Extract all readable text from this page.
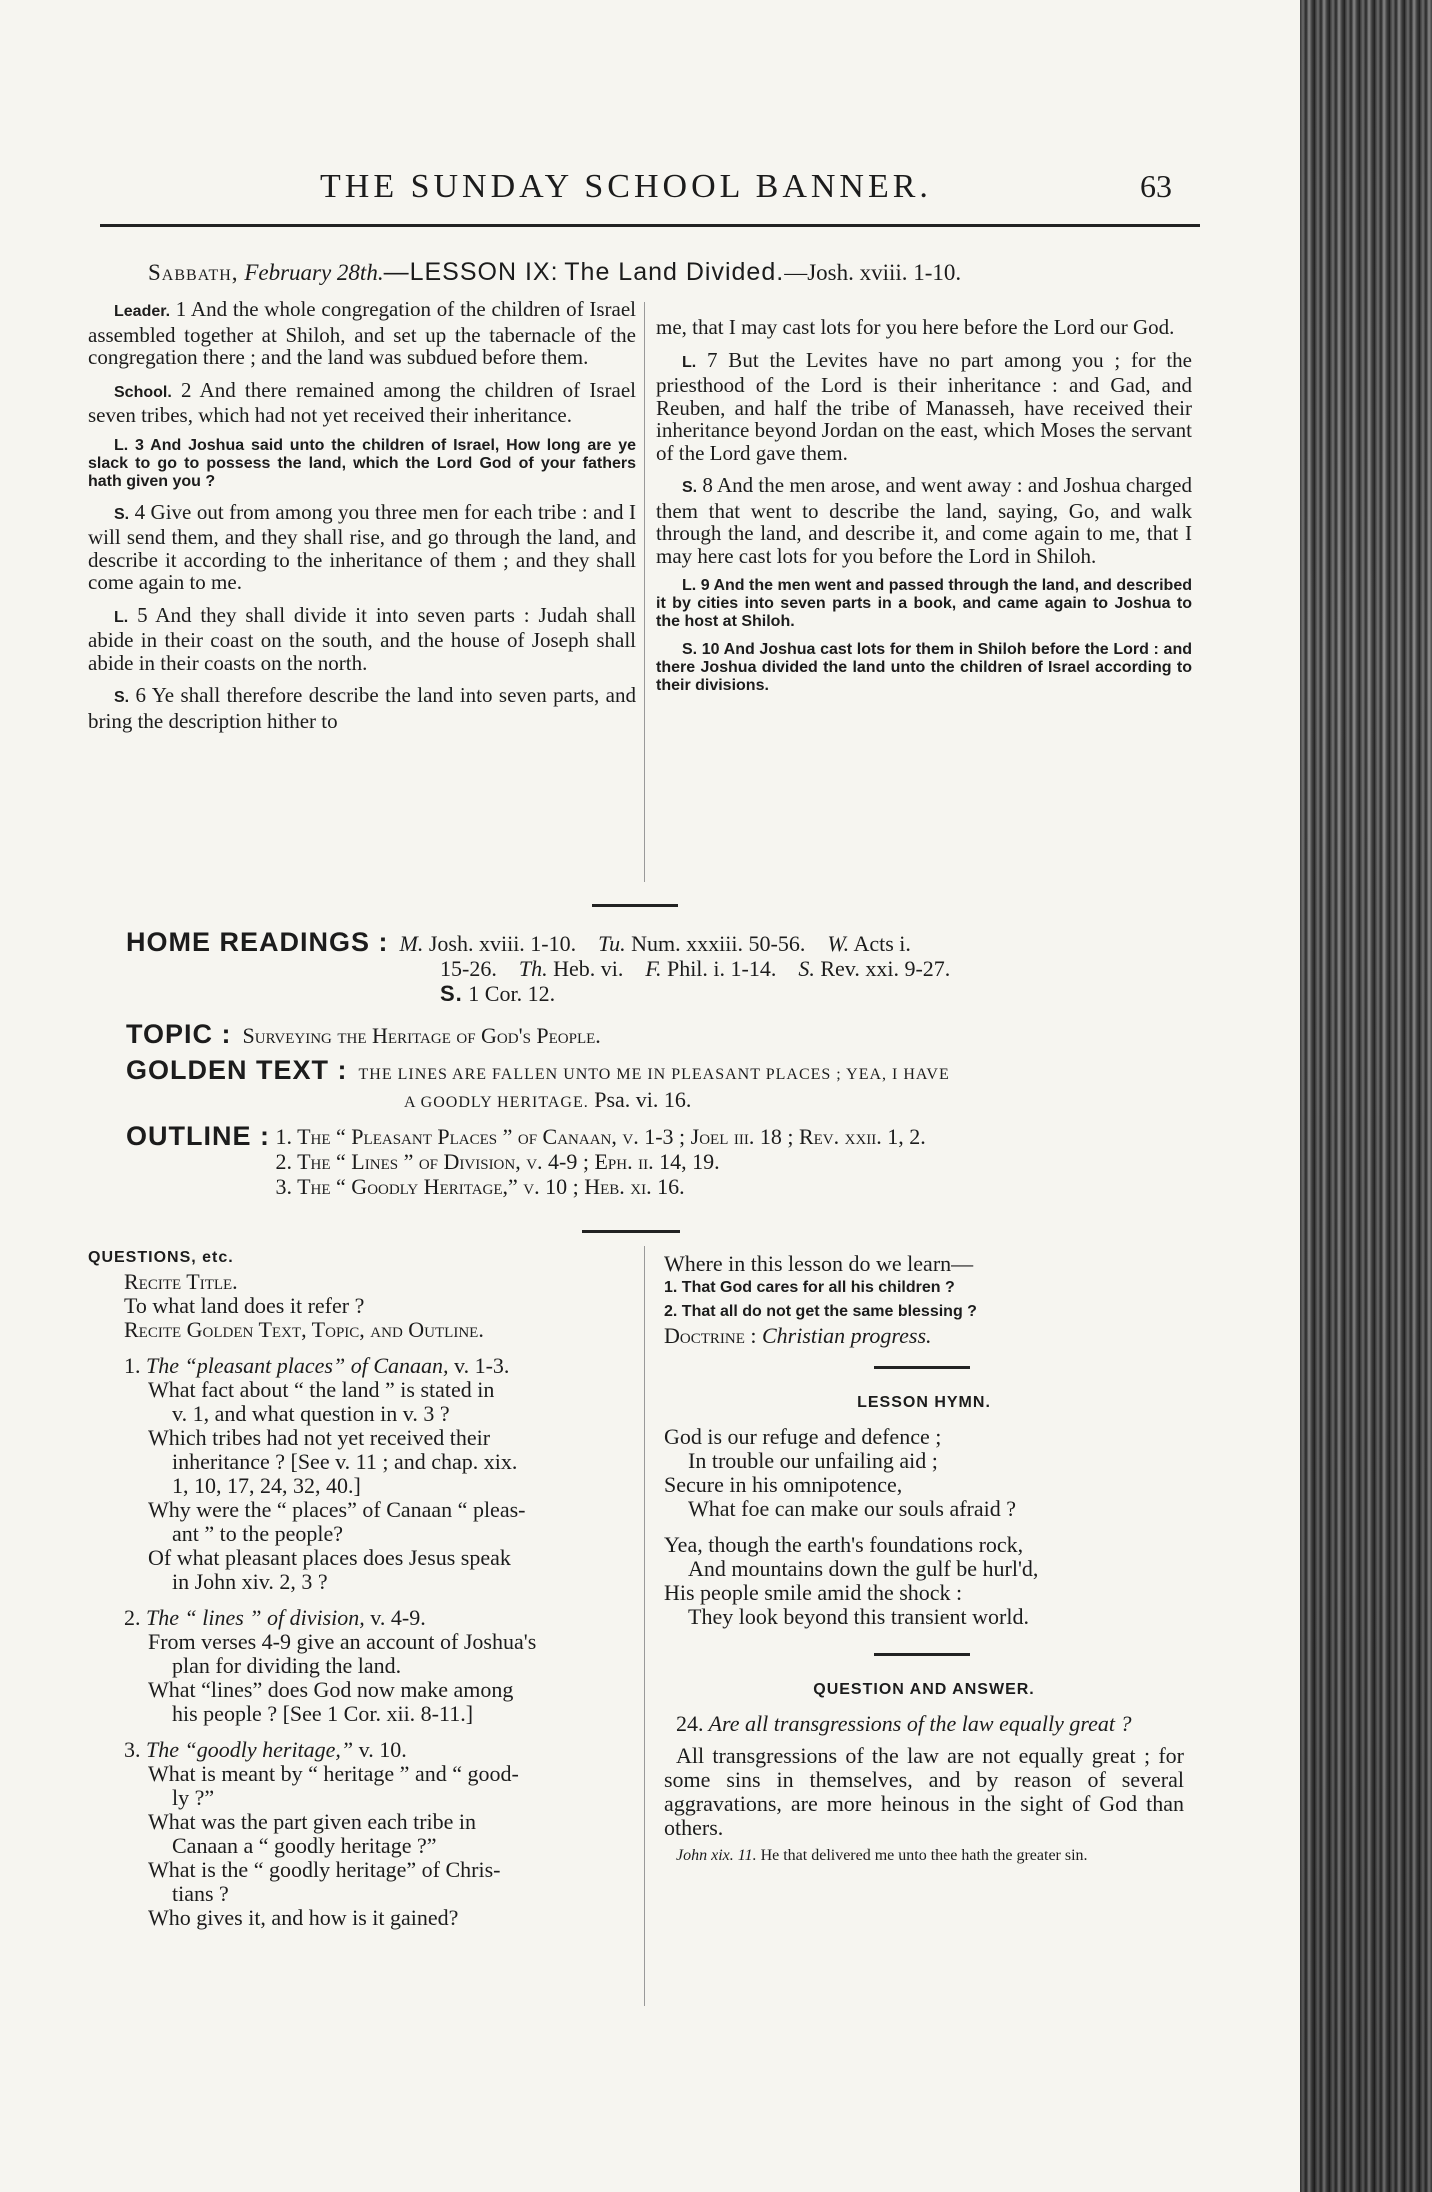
THE SUNDAY SCHOOL BANNER.	63
Sabbath, February 28th.—LESSON IX: The Land Divided.—Josh. xviii. 1-10.

Leader. 1 And the whole congregation of the children of Israel assembled together at Shiloh, and set up the tabernacle of the congregation there ; and the land was subdued before them.

School. 2 And there remained among the children of Israel seven tribes, which had not yet received their inheritance.

L. 3 And Joshua said unto the children of Israel, How long are ye slack to go to possess the land, which the Lord God of your fathers hath given you ?

S. 4 Give out from among you three men for each tribe : and I will send them, and they shall rise, and go through the land, and describe it according to the inheritance of them ; and they shall come again to me.

L. 5 And they shall divide it into seven parts : Judah shall abide in their coast on the south, and the house of Joseph shall abide in their coasts on the north.

S. 6 Ye shall therefore describe the land into seven parts, and bring the description hither to

me, that I may cast lots for you here before the Lord our God.

L. 7 But the Levites have no part among you ; for the priesthood of the Lord is their inheritance : and Gad, and Reuben, and half the tribe of Manasseh, have received their inheritance beyond Jordan on the east, which Moses the servant of the Lord gave them.

S. 8 And the men arose, and went away : and Joshua charged them that went to describe the land, saying, Go, and walk through the land, and describe it, and come again to me, that I may here cast lots for you before the Lord in Shiloh.

L. 9 And the men went and passed through the land, and described it by cities into seven parts in a book, and came again to Joshua to the host at Shiloh.

S. 10 And Joshua cast lots for them in Shiloh before the Lord : and there Joshua divided the land unto the children of Israel according to their divisions.

HOME READINGS : M. Josh. xviii. 1-10. Tu. Num. xxxiii. 50-56. W. Acts i.
15-26. Th. Heb. vi. F. Phil. i. 1-14. S. Rev. xxi. 9-27.
S. 1 Cor. 12.
TOPIC : Surveying the Heritage of God's People.
GOLDEN TEXT : THE LINES ARE FALLEN UNTO ME IN PLEASANT PLACES ; YEA, I HAVE
A GOODLY HERITAGE. Psa. vi. 16.
OUTLINE :
1. The “ Pleasant Places ” of Canaan, v. 1-3 ; Joel iii. 18 ; Rev. xxii. 1, 2.
2. The “ Lines ” of Division, v. 4-9 ; Eph. ii. 14, 19.
3. The “ Goodly Heritage,” v. 10 ; Heb. xi. 16.
QUESTIONS, etc.
Recite Title.
To what land does it refer ?
Recite Golden Text, Topic, and Outline.
1. The “pleasant places” of Canaan, v. 1-3.
What fact about “ the land ” is stated in
v. 1, and what question in v. 3 ?
Which tribes had not yet received their
inheritance ? [See v. 11 ; and chap. xix.
1, 10, 17, 24, 32, 40.]
Why were the “ places” of Canaan “ pleas-
ant ” to the people?
Of what pleasant places does Jesus speak
in John xiv. 2, 3 ?
2. The “ lines ” of division, v. 4-9.
From verses 4-9 give an account of Joshua's
plan for dividing the land.
What “lines” does God now make among
his people ? [See 1 Cor. xii. 8-11.]
3. The “goodly heritage,” v. 10.
What is meant by “ heritage ” and “ good-
ly ?”
What was the part given each tribe in
Canaan a “ goodly heritage ?”
What is the “ goodly heritage” of Chris-
tians ?
Who gives it, and how is it gained?
Where in this lesson do we learn—
1. That God cares for all his children ?
2. That all do not get the same blessing ?
Doctrine : Christian progress.
LESSON HYMN.
God is our refuge and defence ;
In trouble our unfailing aid ;
Secure in his omnipotence,
What foe can make our souls afraid ?
Yea, though the earth's foundations rock,
And mountains down the gulf be hurl'd,
His people smile amid the shock :
They look beyond this transient world.
QUESTION AND ANSWER.
24. Are all transgressions of the law equally great ?
All transgressions of the law are not equally great ; for some sins in themselves, and by reason of several aggravations, are more heinous in the sight of God than others.
John xix. 11. He that delivered me unto thee hath the greater sin.
